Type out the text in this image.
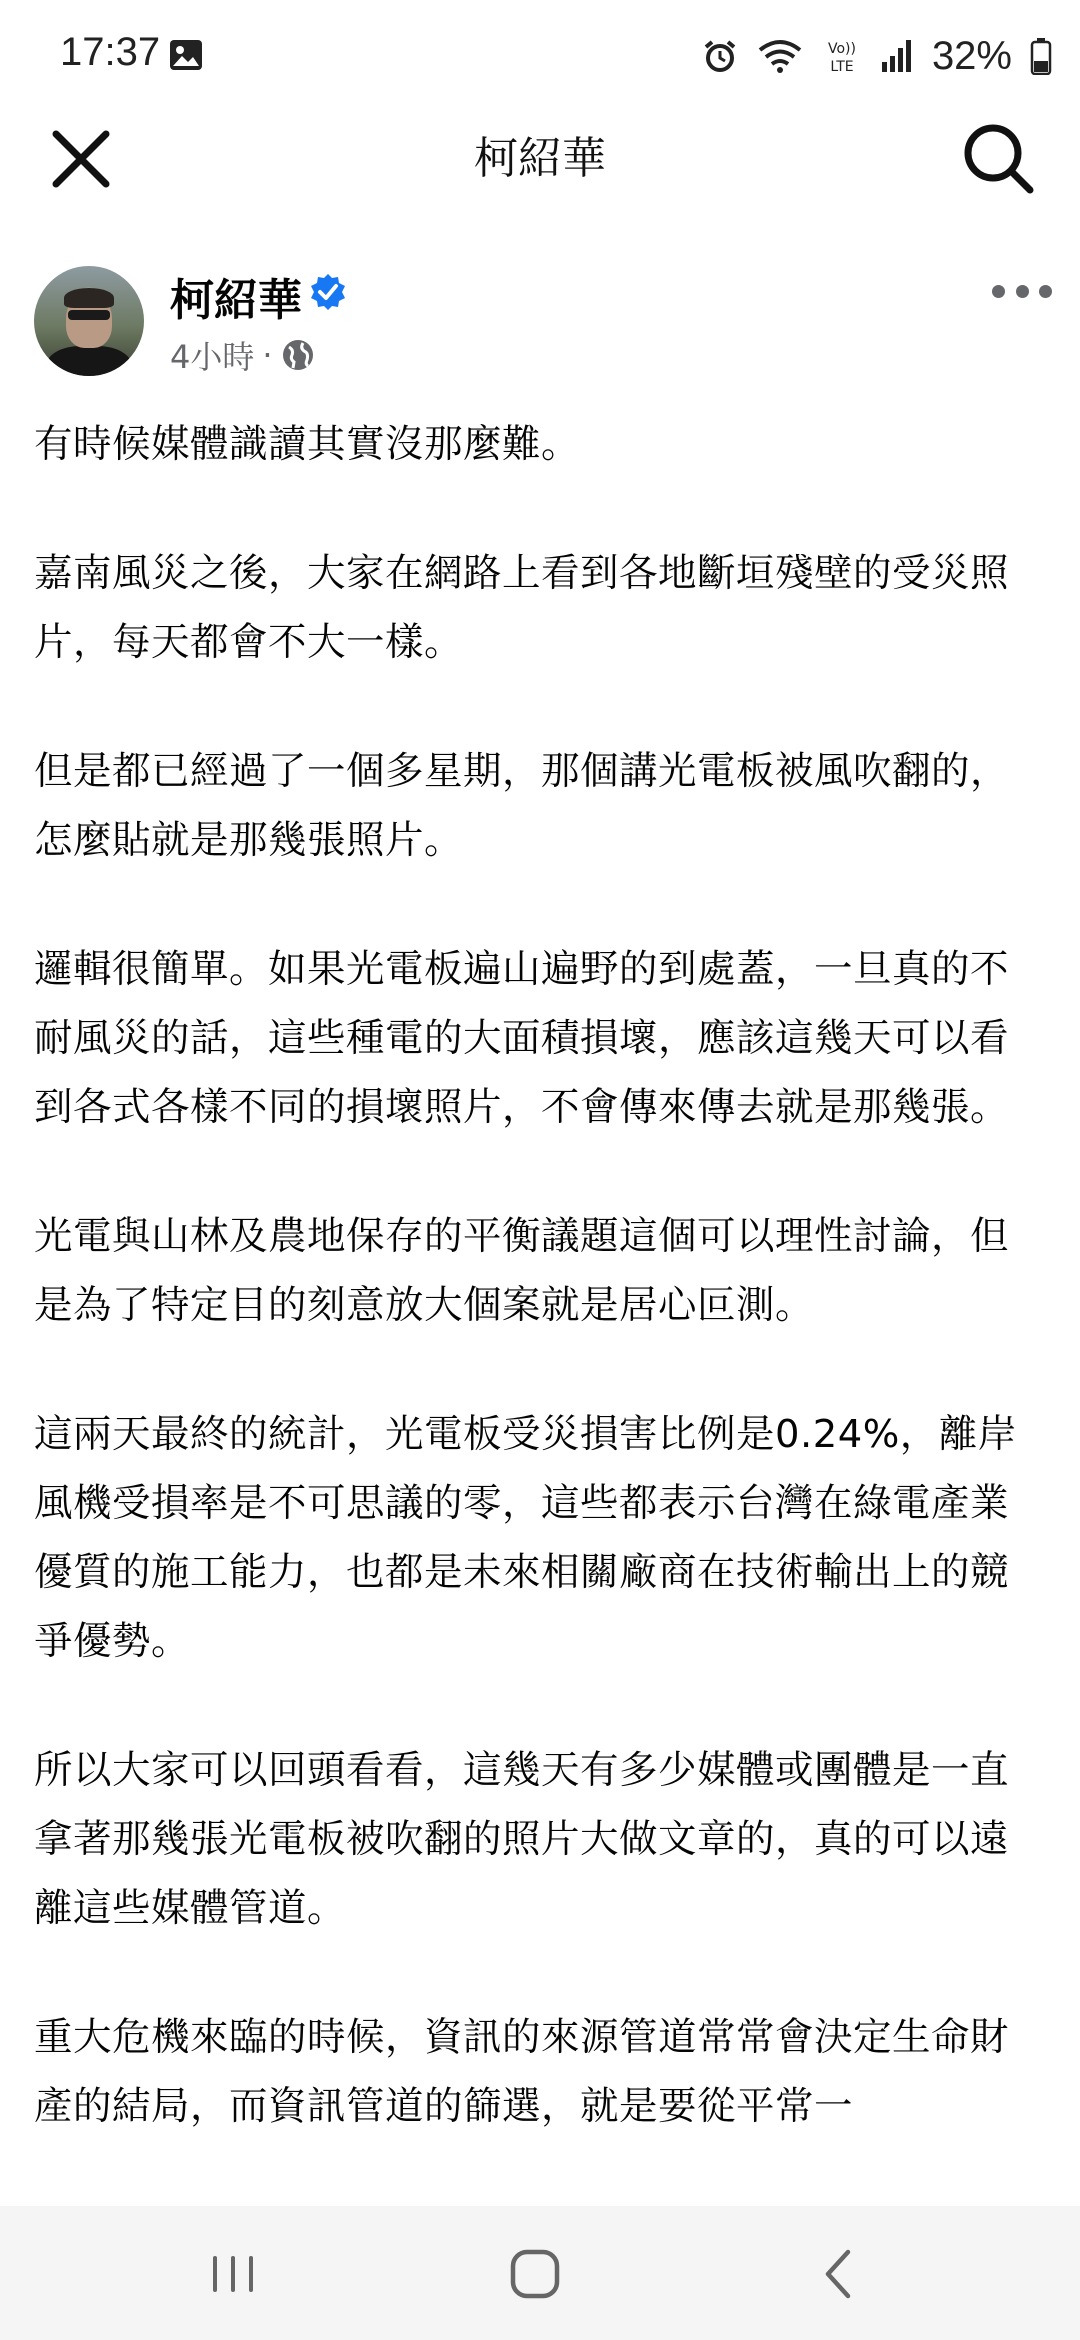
17:37	Vo))
LTE 32%
柯紹華
柯紹華
4小時 ·

有時候媒體識讀其實沒那麼難。

嘉南風災之後，大家在網路上看到各地斷垣殘壁的受災照片，每天都會不大一樣。

但是都已經過了一個多星期，那個講光電板被風吹翻的，怎麼貼就是那幾張照片。

邏輯很簡單。如果光電板遍山遍野的到處蓋，一旦真的不耐風災的話，這些種電的大面積損壞，應該這幾天可以看到各式各樣不同的損壞照片，不會傳來傳去就是那幾張。

光電與山林及農地保存的平衡議題這個可以理性討論，但是為了特定目的刻意放大個案就是居心叵測。

這兩天最終的統計，光電板受災損害比例是0.24%，離岸風機受損率是不可思議的零，這些都表示台灣在綠電產業優質的施工能力，也都是未來相關廠商在技術輸出上的競爭優勢。

所以大家可以回頭看看，這幾天有多少媒體或團體是一直拿著那幾張光電板被吹翻的照片大做文章的，真的可以遠離這些媒體管道。

重大危機來臨的時候，資訊的來源管道常常會決定生命財產的結局，而資訊管道的篩選，就是要從平常一
